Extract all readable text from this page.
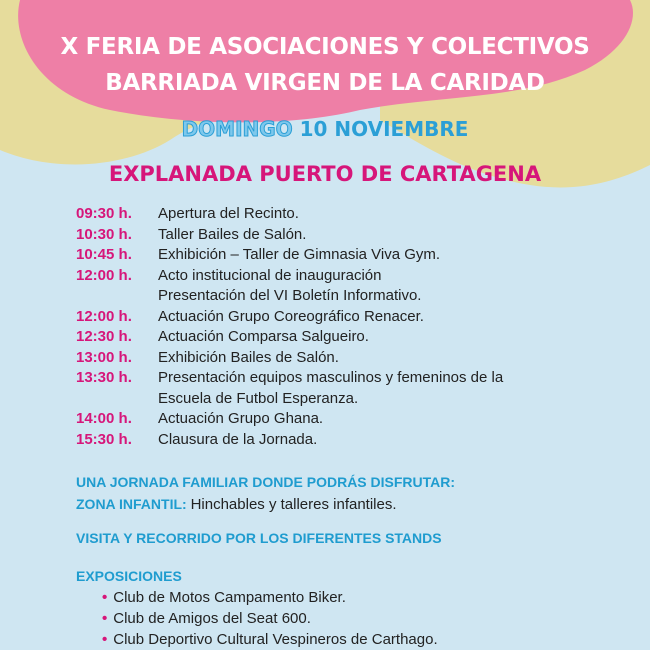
X FERIA DE ASOCIACIONES Y COLECTIVOS
BARRIADA VIRGEN DE LA CARIDAD
DOMINGO 10 NOVIEMBRE
EXPLANADA PUERTO DE CARTAGENA
09:30 h.	Apertura del Recinto.
10:30 h.	Taller Bailes de Salón.
10:45 h.	Exhibición – Taller de Gimnasia Viva Gym.
12:00 h.	Acto institucional de inauguración
Presentación del VI Boletín Informativo.
12:00 h.	Actuación Grupo Coreográfico Renacer.
12:30 h.	Actuación Comparsa Salgueiro.
13:00 h.	Exhibición Bailes de Salón.
13:30 h.	Presentación equipos masculinos y femeninos de la
Escuela de Futbol Esperanza.
14:00 h.	Actuación Grupo Ghana.
15:30 h.	Clausura de la Jornada.
UNA JORNADA FAMILIAR DONDE PODRÁS DISFRUTAR:
ZONA INFANTIL: Hinchables y talleres infantiles.
VISITA Y RECORRIDO POR LOS DIFERENTES STANDS
EXPOSICIONES
• Club de Motos Campamento Biker.
• Club de Amigos del Seat 600.
• Club Deportivo Cultural Vespineros de Carthago.
